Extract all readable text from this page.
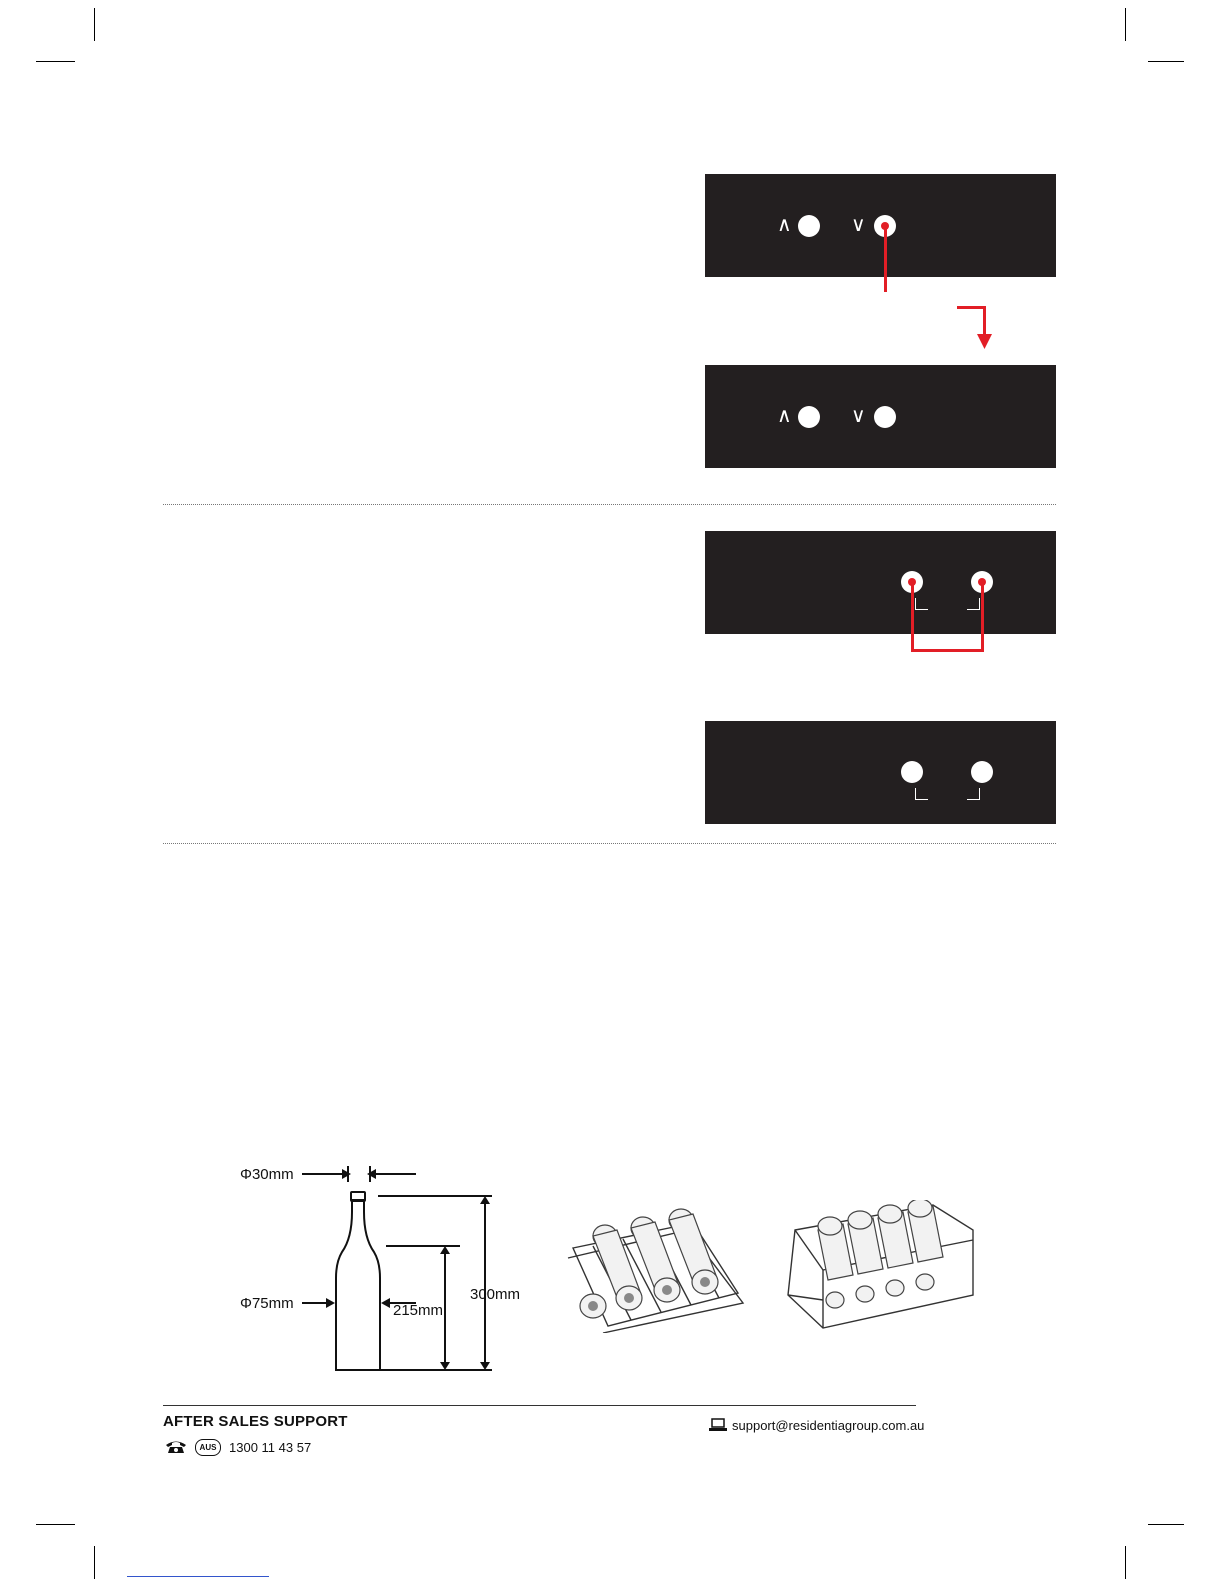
∧	∨
∧	∨
Φ30mm
Φ75mm	215mm
300mm
AFTER SALES SUPPORT
AUS 1300 11 43 57
support@residentiagroup.com.au
